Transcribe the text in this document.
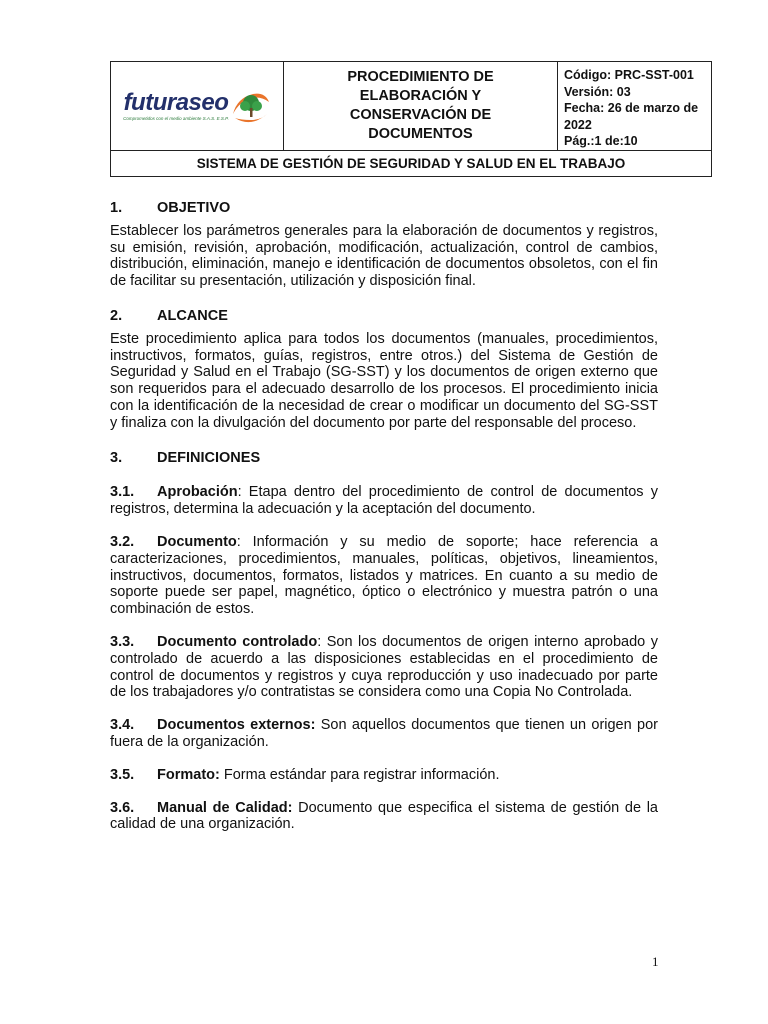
futuraseo
Comprometidos con el medio ambiente S.A.S. E.S.P.

PROCEDIMIENTO DE
ELABORACIÓN Y
CONSERVACIÓN DE
DOCUMENTOS

Código: PRC-SST-001
Versión: 03
Fecha: 26 de marzo de
2022
Pág.:1 de:10

SISTEMA DE GESTIÓN DE SEGURIDAD Y SALUD EN EL TRABAJO
1.	OBJETIVO

Establecer los parámetros generales para la elaboración de documentos y registros, su emisión, revisión, aprobación, modificación, actualización, control de cambios, distribución, eliminación, manejo e identificación de documentos obsoletos, con el fin de facilitar su presentación, utilización y disposición final.

2.	ALCANCE

Este procedimiento aplica para todos los documentos (manuales, procedimientos, instructivos, formatos, guías, registros, entre otros.) del Sistema de Gestión de Seguridad y Salud en el Trabajo (SG-SST) y los documentos de origen externo que son requeridos para el adecuado desarrollo de los procesos. El procedimiento inicia con la identificación de la necesidad de crear o modificar un documento del SG-SST y finaliza con la divulgación del documento por parte del responsable del proceso.

3.	DEFINICIONES

3.1. Aprobación: Etapa dentro del procedimiento de control de documentos y registros, determina la adecuación y la aceptación del documento.

3.2. Documento: Información y su medio de soporte; hace referencia a caracterizaciones, procedimientos, manuales, políticas, objetivos, lineamientos, instructivos, documentos, formatos, listados y matrices. En cuanto a su medio de soporte puede ser papel, magnético, óptico o electrónico y muestra patrón o una combinación de estos.

3.3. Documento controlado: Son los documentos de origen interno aprobado y controlado de acuerdo a las disposiciones establecidas en el procedimiento de control de documentos y registros y cuya reproducción y uso inadecuado por parte de los trabajadores y/o contratistas se considera como una Copia No Controlada.

3.4. Documentos externos: Son aquellos documentos que tienen un origen por fuera de la organización.

3.5. Formato: Forma estándar para registrar información.

3.6. Manual de Calidad: Documento que especifica el sistema de gestión de la calidad de una organización.

1
